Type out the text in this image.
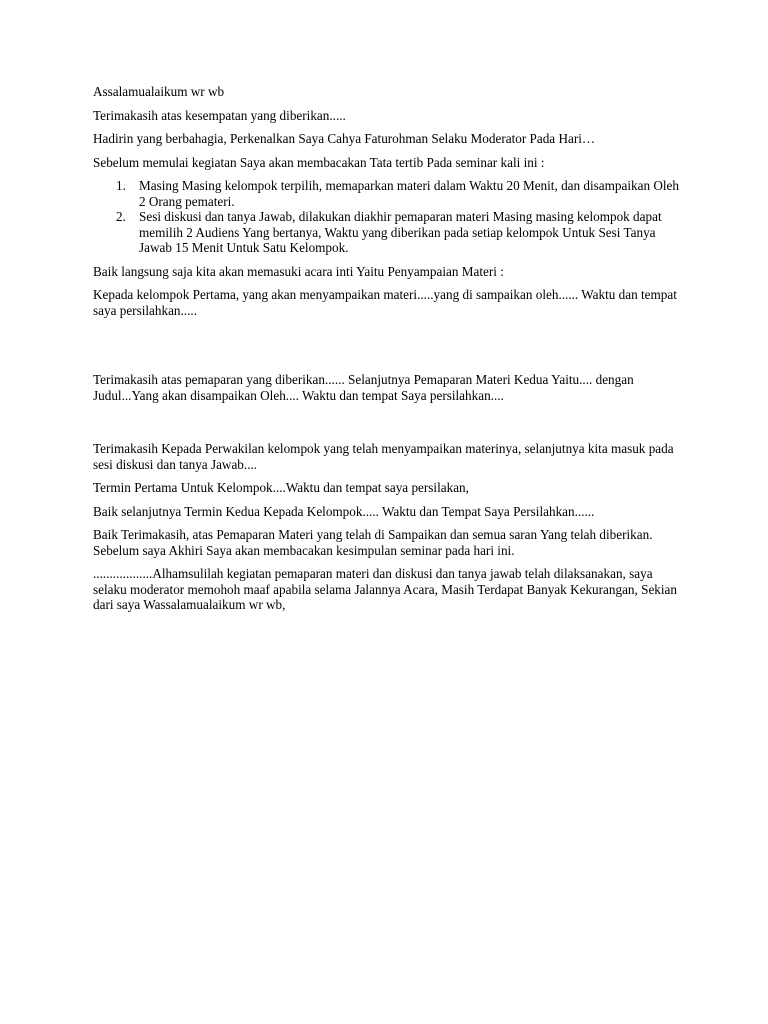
Assalamualaikum wr wb

Terimakasih atas kesempatan yang diberikan.....

Hadirin yang berbahagia, Perkenalkan Saya Cahya Faturohman Selaku Moderator Pada Hari…

Sebelum memulai kegiatan Saya akan membacakan Tata tertib Pada seminar kali ini :

1. Masing Masing kelompok terpilih, memaparkan materi dalam Waktu 20 Menit, dan disampaikan Oleh 2 Orang pemateri.
2. Sesi diskusi dan tanya Jawab, dilakukan diakhir pemaparan materi Masing masing kelompok dapat memilih 2 Audiens Yang bertanya, Waktu yang diberikan pada setiap kelompok Untuk Sesi Tanya Jawab 15 Menit Untuk Satu Kelompok.

Baik langsung saja kita akan memasuki acara inti Yaitu Penyampaian Materi :

Kepada kelompok Pertama, yang akan menyampaikan materi.....yang di sampaikan oleh...... Waktu dan tempat saya persilahkan.....

Terimakasih atas pemaparan yang diberikan...... Selanjutnya Pemaparan Materi Kedua Yaitu.... dengan Judul...Yang akan disampaikan Oleh.... Waktu dan tempat Saya persilahkan....

Terimakasih Kepada Perwakilan kelompok yang telah menyampaikan materinya, selanjutnya kita masuk pada sesi diskusi dan tanya Jawab....

Termin Pertama Untuk Kelompok....Waktu dan tempat saya persilakan,

Baik selanjutnya Termin Kedua Kepada Kelompok..... Waktu dan Tempat Saya Persilahkan......

Baik Terimakasih, atas Pemaparan Materi yang telah di Sampaikan dan semua saran Yang telah diberikan. Sebelum saya Akhiri Saya akan membacakan kesimpulan seminar pada hari ini.

..................Alhamsulilah kegiatan pemaparan materi dan diskusi dan tanya jawab telah dilaksanakan, saya selaku moderator memohoh maaf apabila selama Jalannya Acara, Masih Terdapat Banyak Kekurangan, Sekian dari saya Wassalamualaikum wr wb,
